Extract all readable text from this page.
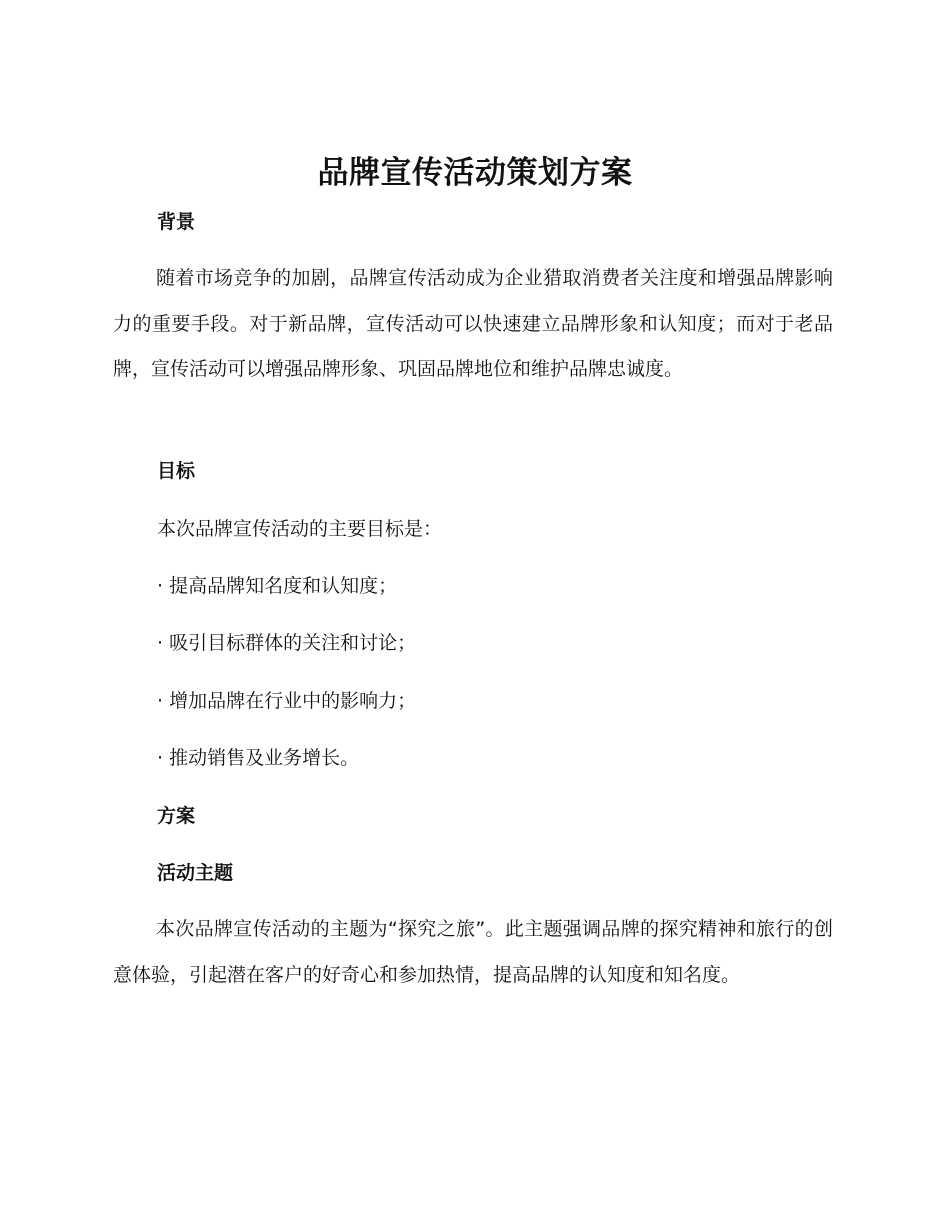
品牌宣传活动策划方案
背景

随着市场竞争的加剧，品牌宣传活动成为企业猎取消费者关注度和增强品牌影响力的重要手段。对于新品牌，宣传活动可以快速建立品牌形象和认知度；而对于老品牌，宣传活动可以增强品牌形象、巩固品牌地位和维护品牌忠诚度。

目标

本次品牌宣传活动的主要目标是：

· 提高品牌知名度和认知度；

· 吸引目标群体的关注和讨论；

· 增加品牌在行业中的影响力；

· 推动销售及业务增长。

方案
活动主题

本次品牌宣传活动的主题为“探究之旅”。此主题强调品牌的探究精神和旅行的创意体验，引起潜在客户的好奇心和参加热情，提高品牌的认知度和知名度。
